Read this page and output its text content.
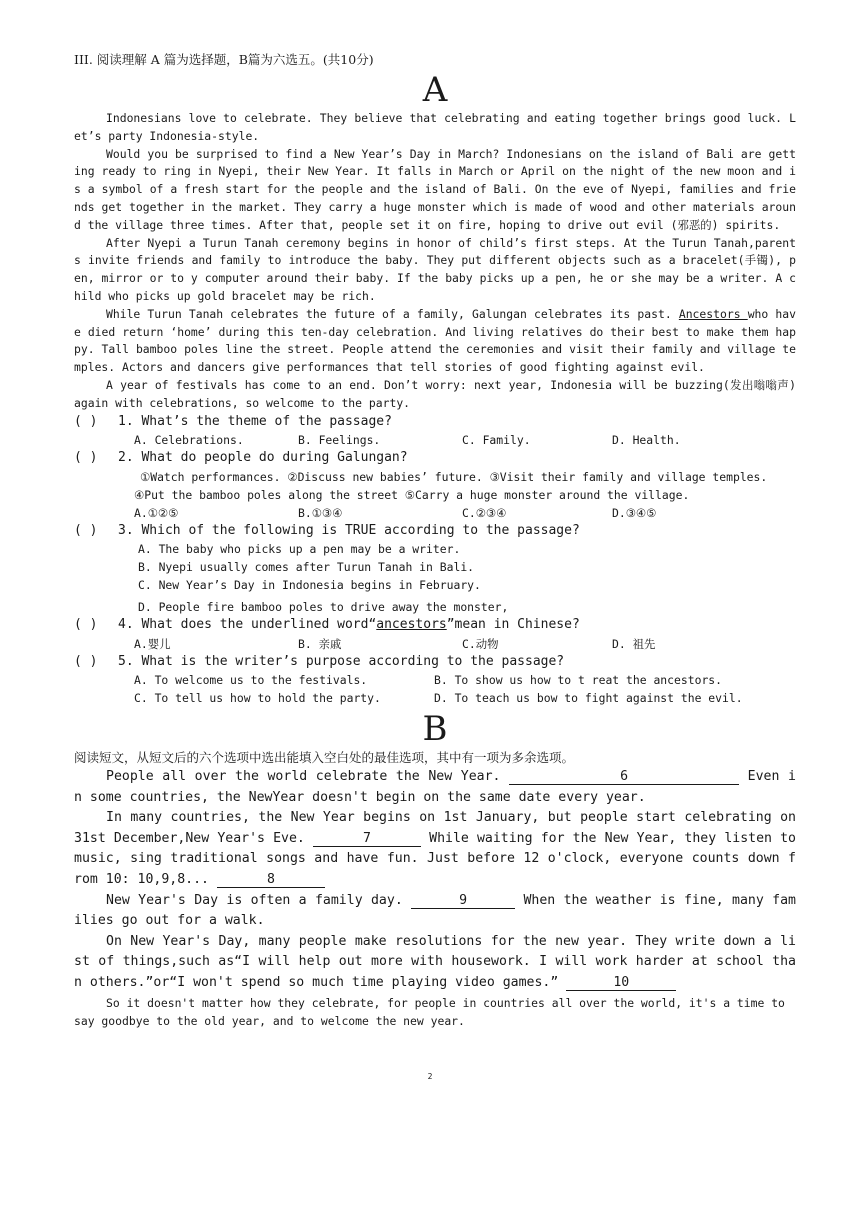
III. 阅读理解 A 篇为选择题，B篇为六选五。(共10分)
A

Indonesians love to celebrate. They believe that celebrating and eating together brings good luck. Let’s party Indonesia-style.

Would you be surprised to find a New Year’s Day in March? Indonesians on the island of Bali are getting ready to ring in Nyepi, their New Year. It falls in March or April on the night of the new moon and is a symbol of a fresh start for the people and the island of Bali. On the eve of Nyepi, families and friends get together in the market. They carry a huge monster which is made of wood and other materials around the village three times. After that, people set it on fire, hoping to drive out evil (邪恶的) spirits.

After Nyepi a Turun Tanah ceremony begins in honor of child’s first steps. At the Turun Tanah,parents invite friends and family to introduce the baby. They put different objects such as a bracelet(手镯), pen, mirror or to y computer around their baby. If the baby picks up a pen, he or she may be a writer. A child who picks up gold bracelet may be rich.

While Turun Tanah celebrates the future of a family, Galungan celebrates its past. Ancestors who have died return ‘home’ during this ten-day celebration. And living relatives do their best to make them happy. Tall bamboo poles line the street. People attend the ceremonies and visit their family and village temples. Actors and dancers give performances that tell stories of good fighting against evil.

A year of festivals has come to an end. Don’t worry: next year, Indonesia will be buzzing(发出嗡嗡声) again with celebrations, so welcome to the party.

( )	1. What’s the theme of the passage?
A. Celebrations.	B. Feelings.	C. Family.	D. Health.
( )	2. What do people do during Galungan?
①Watch performances. ②Discuss new babies’ future. ③Visit their family and village temples.
④Put the bamboo poles along the street ⑤Carry a huge monster around the village.
A.①②⑤	B.①③④	C.②③④	D.③④⑤
( )	3. Which of the following is TRUE according to the passage?
A. The baby who picks up a pen may be a writer.
B. Nyepi usually comes after Turun Tanah in Bali.
C. New Year’s Day in Indonesia begins in February.
D. People fire bamboo poles to drive away the monster,
( )	4. What does the underlined word“ancestors”mean in Chinese?
A.婴儿	B. 亲戚	C.动物	D. 祖先
( )	5. What is the writer’s purpose according to the passage?
A. To welcome us to the festivals.	B. To show us how to t reat the ancestors.
C. To tell us how to hold the party.	D. To teach us bow to fight against the evil.
B

阅读短文，从短文后的六个选项中选出能填入空白处的最佳选项，其中有一项为多余选项。

People all over the world celebrate the New Year.	6	Even in some countries, the NewYear doesn't begin on the same date every year.

In many countries, the New Year begins on 1st January, but people start celebrating on 31st December,New Year's Eve.	7	While waiting for the New Year, they listen to music, sing traditional songs and have fun. Just before 12 o'clock, everyone counts down from 10: 10,9,8...	8

New Year's Day is often a family day.	9	When the weather is fine, many families go out for a walk.

On New Year's Day, many people make resolutions for the new year. They write down a list of things,such as“I will help out more with housework. I will work harder at school than others.”or“I won't spend so much time playing video games.”	10

So it doesn't matter how they celebrate, for people in countries all over the world, it's a time to say goodbye to the old year, and to welcome the new year.

2
